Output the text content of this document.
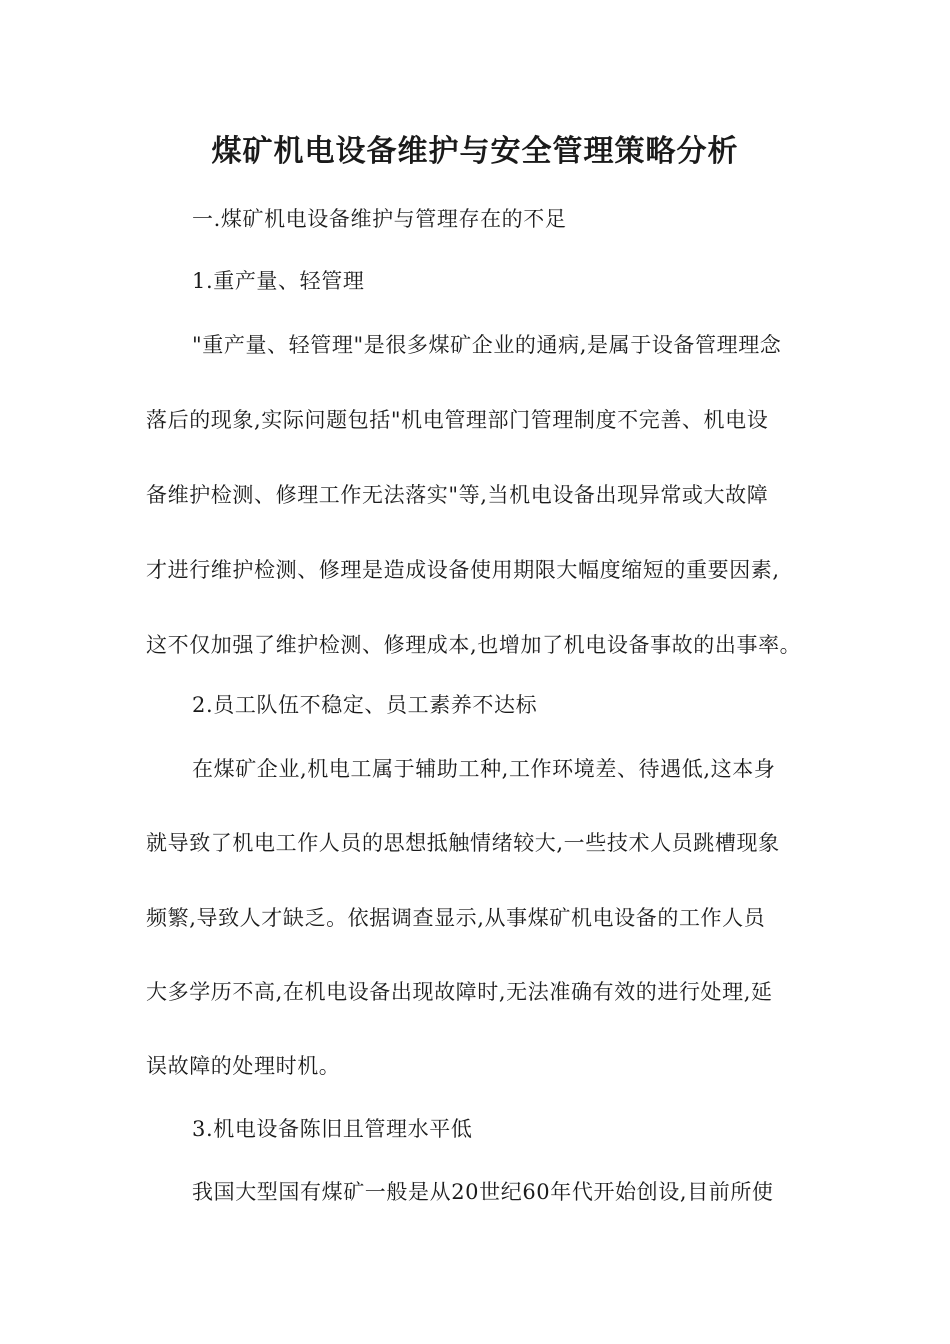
煤矿机电设备维护与安全管理策略分析
一.煤矿机电设备维护与管理存在的不足
1.重产量、轻管理
"重产量、轻管理"是很多煤矿企业的通病,是属于设备管理理念
落后的现象,实际问题包括"机电管理部门管理制度不完善、机电设
备维护检测、修理工作无法落实"等,当机电设备出现异常或大故障
才进行维护检测、修理是造成设备使用期限大幅度缩短的重要因素,
这不仅加强了维护检测、修理成本,也增加了机电设备事故的出事率。
2.员工队伍不稳定、员工素养不达标
在煤矿企业,机电工属于辅助工种,工作环境差、待遇低,这本身
就导致了机电工作人员的思想抵触情绪较大,一些技术人员跳槽现象
频繁,导致人才缺乏。依据调查显示,从事煤矿机电设备的工作人员
大多学历不高,在机电设备出现故障时,无法准确有效的进行处理,延
误故障的处理时机。
3.机电设备陈旧且管理水平低
我国大型国有煤矿一般是从20世纪60年代开始创设,目前所使
